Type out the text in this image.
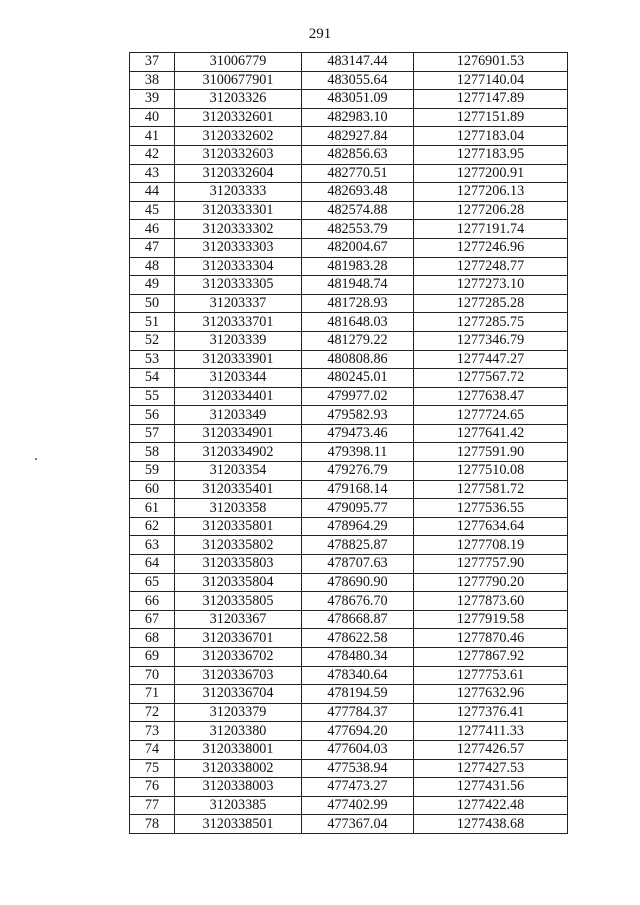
291
37	31006779	483147.44	1276901.53
38	3100677901	483055.64	1277140.04
39	31203326	483051.09	1277147.89
40	3120332601	482983.10	1277151.89
41	3120332602	482927.84	1277183.04
42	3120332603	482856.63	1277183.95
43	3120332604	482770.51	1277200.91
44	31203333	482693.48	1277206.13
45	3120333301	482574.88	1277206.28
46	3120333302	482553.79	1277191.74
47	3120333303	482004.67	1277246.96
48	3120333304	481983.28	1277248.77
49	3120333305	481948.74	1277273.10
50	31203337	481728.93	1277285.28
51	3120333701	481648.03	1277285.75
52	31203339	481279.22	1277346.79
53	3120333901	480808.86	1277447.27
54	31203344	480245.01	1277567.72
55	3120334401	479977.02	1277638.47
56	31203349	479582.93	1277724.65
57	3120334901	479473.46	1277641.42
58	3120334902	479398.11	1277591.90
59	31203354	479276.79	1277510.08
60	3120335401	479168.14	1277581.72
61	31203358	479095.77	1277536.55
62	3120335801	478964.29	1277634.64
63	3120335802	478825.87	1277708.19
64	3120335803	478707.63	1277757.90
65	3120335804	478690.90	1277790.20
66	3120335805	478676.70	1277873.60
67	31203367	478668.87	1277919.58
68	3120336701	478622.58	1277870.46
69	3120336702	478480.34	1277867.92
70	3120336703	478340.64	1277753.61
71	3120336704	478194.59	1277632.96
72	31203379	477784.37	1277376.41
73	31203380	477694.20	1277411.33
74	3120338001	477604.03	1277426.57
75	3120338002	477538.94	1277427.53
76	3120338003	477473.27	1277431.56
77	31203385	477402.99	1277422.48
78	3120338501	477367.04	1277438.68
